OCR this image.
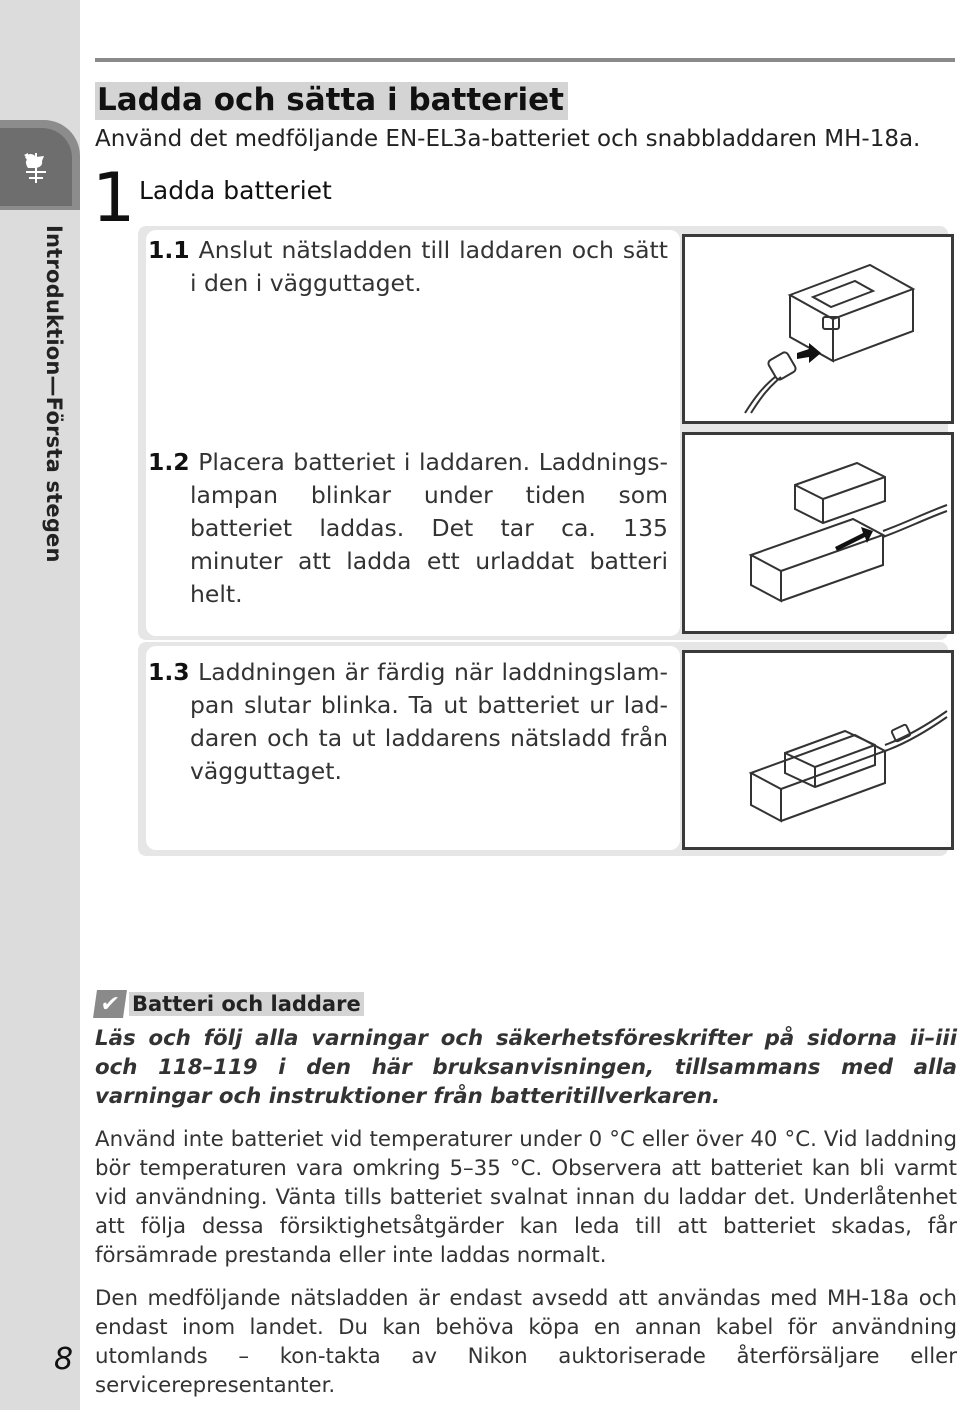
Introduktion—Första stegen
8
Ladda och sätta i batteriet
Använd det medföljande EN-EL3a-batteriet och snabbladdaren MH-18a.
1 Ladda batteriet
1.1 Anslut nätsladden till laddaren och sätt i den i vägguttaget.
1.2 Placera batteriet i laddaren. Laddnings-lampan blinkar under tiden som batteriet laddas. Det tar ca. 135 minuter att ladda ett urladdat batteri helt.
1.3 Laddningen är färdig när laddningslam-pan slutar blinka. Ta ut batteriet ur lad-daren och ta ut laddarens nätsladd från vägguttaget.
✔ Batteri och laddare

Läs och följ alla varningar och säkerhetsföreskrifter på sidorna ii–iii och 118–119 i den här bruksanvisningen, tillsammans med alla varningar och instruktioner från batteritillverkaren.

Använd inte batteriet vid temperaturer under 0 °C eller över 40 °C. Vid laddning bör temperaturen vara omkring 5–35 °C. Observera att batteriet kan bli varmt vid användning. Vänta tills batteriet svalnat innan du laddar det. Underlåtenhet att följa dessa försiktighetsåtgärder kan leda till att batteriet skadas, får försämrade prestanda eller inte laddas normalt.

Den medföljande nätsladden är endast avsedd att användas med MH-18a och endast inom landet. Du kan behöva köpa en annan kabel för användning utomlands – kon-takta av Nikon auktoriserade återförsäljare eller servicerepresentanter.
